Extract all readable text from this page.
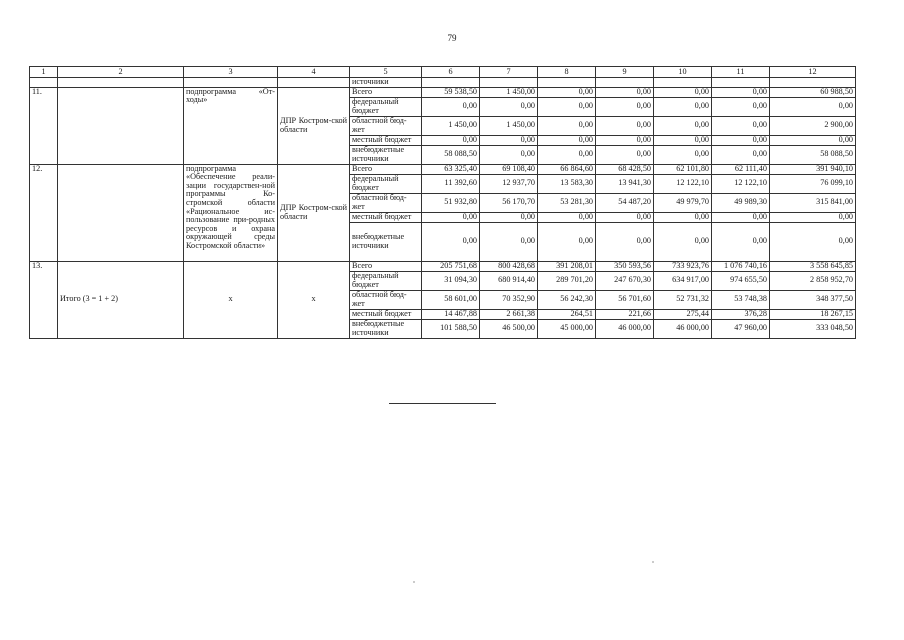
79
1	2	3	4	5	6	7	8	9	10	11	12
				источники							
11.		подпрограмма «От-ходы»	ДПР Костром-ской области	Всего	59 538,50	1 450,00	0,00	0,00	0,00	0,00	60 988,50
				федеральный бюджет	0,00	0,00	0,00	0,00	0,00	0,00	0,00
				областной бюд-жет	1 450,00	1 450,00	0,00	0,00	0,00	0,00	2 900,00
				местный бюджет	0,00	0,00	0,00	0,00	0,00	0,00	0,00
				внебюджетные источники	58 088,50	0,00	0,00	0,00	0,00	0,00	58 088,50
12.		подпрограмма «Обеспечение реали-зации государствен-ной программы Ко-стромской области «Рациональное ис-пользование при-родных ресурсов и охрана окружающей среды Костромской области»	ДПР Костром-ской области	Всего	63 325,40	69 108,40	66 864,60	68 428,50	62 101,80	62 111,40	391 940,10
				федеральный бюджет	11 392,60	12 937,70	13 583,30	13 941,30	12 122,10	12 122,10	76 099,10
				областной бюд-жет	51 932,80	56 170,70	53 281,30	54 487,20	49 979,70	49 989,30	315 841,00
				местный бюджет	0,00	0,00	0,00	0,00	0,00	0,00	0,00
				внебюджетные источники	0,00	0,00	0,00	0,00	0,00	0,00	0,00
13.	Итого (3 = 1 + 2)	х	х	Всего	205 751,68	800 428,68	391 208,01	350 593,56	733 923,76	1 076 740,16	3 558 645,85
				федеральный бюджет	31 094,30	680 914,40	289 701,20	247 670,30	634 917,00	974 655,50	2 858 952,70
				областной бюд-жет	58 601,00	70 352,90	56 242,30	56 701,60	52 731,32	53 748,38	348 377,50
				местный бюджет	14 467,88	2 661,38	264,51	221,66	275,44	376,28	18 267,15
				внебюджетные источники	101 588,50	46 500,00	45 000,00	46 000,00	46 000,00	47 960,00	333 048,50
